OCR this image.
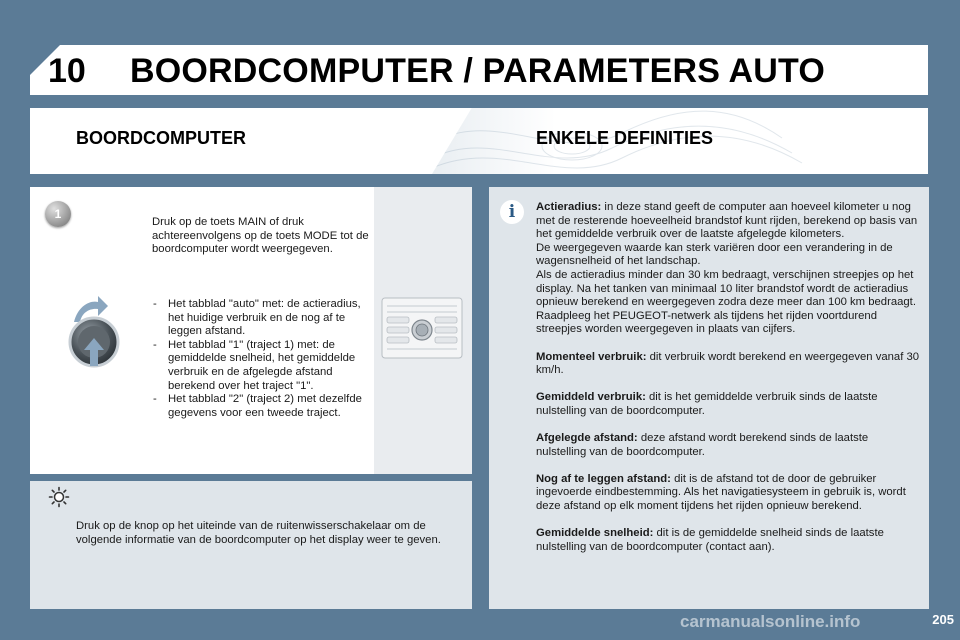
10 BOORDCOMPUTER / PARAMETERS AUTO
BOORDCOMPUTER	ENKELE DEFINITIES
1
Druk op de toets MAIN of druk achtereenvolgens op de toets MODE tot de boordcomputer wordt weergegeven.
- Het tabblad "auto" met: de actieradius, het huidige verbruik en de nog af te leggen afstand.
- Het tabblad "1" (traject 1) met: de gemiddelde snelheid, het gemiddelde verbruik en de afgelegde afstand berekend over het traject "1".
- Het tabblad "2" (traject 2) met dezelfde gegevens voor een tweede traject.
Druk op de knop op het uiteinde van de ruitenwisserschakelaar om de volgende informatie van de boordcomputer op het display weer te geven.
i	Actieradius: in deze stand geeft de computer aan hoeveel kilometer u nog met de resterende hoeveelheid brandstof kunt rijden, berekend op basis van het gemiddelde verbruik over de laatste afgelegde kilometers.
De weergegeven waarde kan sterk variëren door een verandering in de wagensnelheid of het landschap.
Als de actieradius minder dan 30 km bedraagt, verschijnen streepjes op het display. Na het tanken van minimaal 10 liter brandstof wordt de actieradius opnieuw berekend en weergegeven zodra deze meer dan 100 km bedraagt.
Raadpleeg het PEUGEOT-netwerk als tijdens het rijden voortdurend streepjes worden weergegeven in plaats van cijfers.

Momenteel verbruik: dit verbruik wordt berekend en weergegeven vanaf 30 km/h.

Gemiddeld verbruik: dit is het gemiddelde verbruik sinds de laatste nulstelling van de boordcomputer.

Afgelegde afstand: deze afstand wordt berekend sinds de laatste nulstelling van de boordcomputer.

Nog af te leggen afstand: dit is de afstand tot de door de gebruiker ingevoerde eindbestemming. Als het navigatiesysteem in gebruik is, wordt deze afstand op elk moment tijdens het rijden opnieuw berekend.

Gemiddelde snelheid: dit is de gemiddelde snelheid sinds de laatste nulstelling van de boordcomputer (contact aan).

carmanualsonline.info	205
